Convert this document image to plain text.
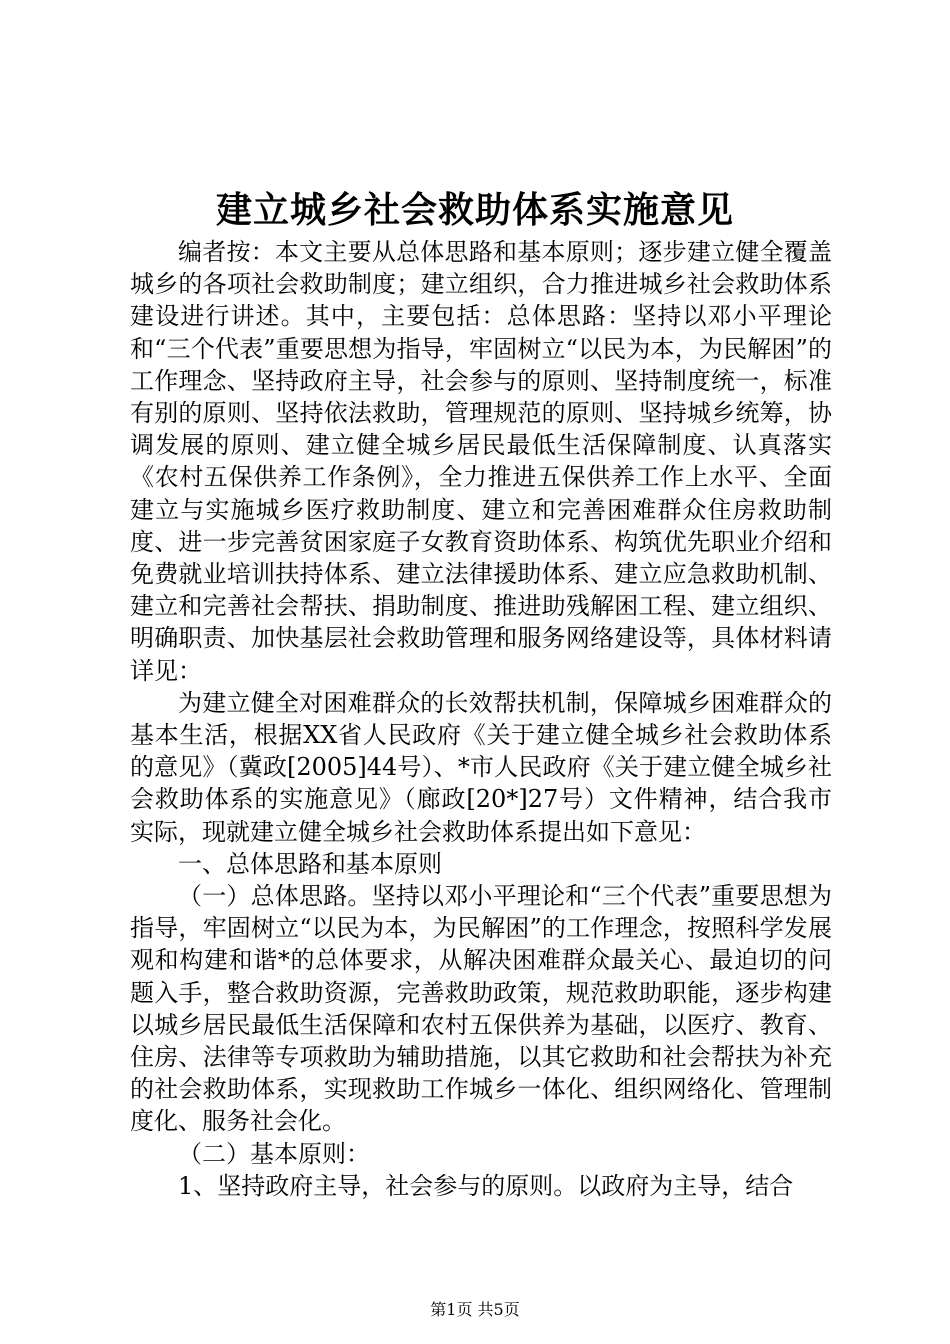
建立城乡社会救助体系实施意见

编者按：本文主要从总体思路和基本原则；逐步建立健全覆盖城乡的各项社会救助制度；建立组织，合力推进城乡社会救助体系建设进行讲述。其中，主要包括：总体思路：坚持以邓小平理论和“三个代表”重要思想为指导，牢固树立“以民为本，为民解困”的工作理念、坚持政府主导，社会参与的原则、坚持制度统一，标准有别的原则、坚持依法救助，管理规范的原则、坚持城乡统筹，协调发展的原则、建立健全城乡居民最低生活保障制度、认真落实《农村五保供养工作条例》，全力推进五保供养工作上水平、全面建立与实施城乡医疗救助制度、建立和完善困难群众住房救助制度、进一步完善贫困家庭子女教育资助体系、构筑优先职业介绍和免费就业培训扶持体系、建立法律援助体系、建立应急救助机制、建立和完善社会帮扶、捐助制度、推进助残解困工程、建立组织、明确职责、加快基层社会救助管理和服务网络建设等，具体材料请详见：

为建立健全对困难群众的长效帮扶机制，保障城乡困难群众的基本生活，根据XX省人民政府《关于建立健全城乡社会救助体系的意见》（冀政[2005]44号）、*市人民政府《关于建立健全城乡社会救助体系的实施意见》（廊政[20*]27号）文件精神，结合我市实际，现就建立健全城乡社会救助体系提出如下意见：

一、总体思路和基本原则

（一）总体思路。坚持以邓小平理论和“三个代表”重要思想为指导，牢固树立“以民为本，为民解困”的工作理念，按照科学发展观和构建和谐*的总体要求，从解决困难群众最关心、最迫切的问题入手，整合救助资源，完善救助政策，规范救助职能，逐步构建以城乡居民最低生活保障和农村五保供养为基础，以医疗、教育、住房、法律等专项救助为辅助措施，以其它救助和社会帮扶为补充的社会救助体系，实现救助工作城乡一体化、组织网络化、管理制度化、服务社会化。

（二）基本原则：

1、坚持政府主导，社会参与的原则。以政府为主导，结合

第1页 共5页
